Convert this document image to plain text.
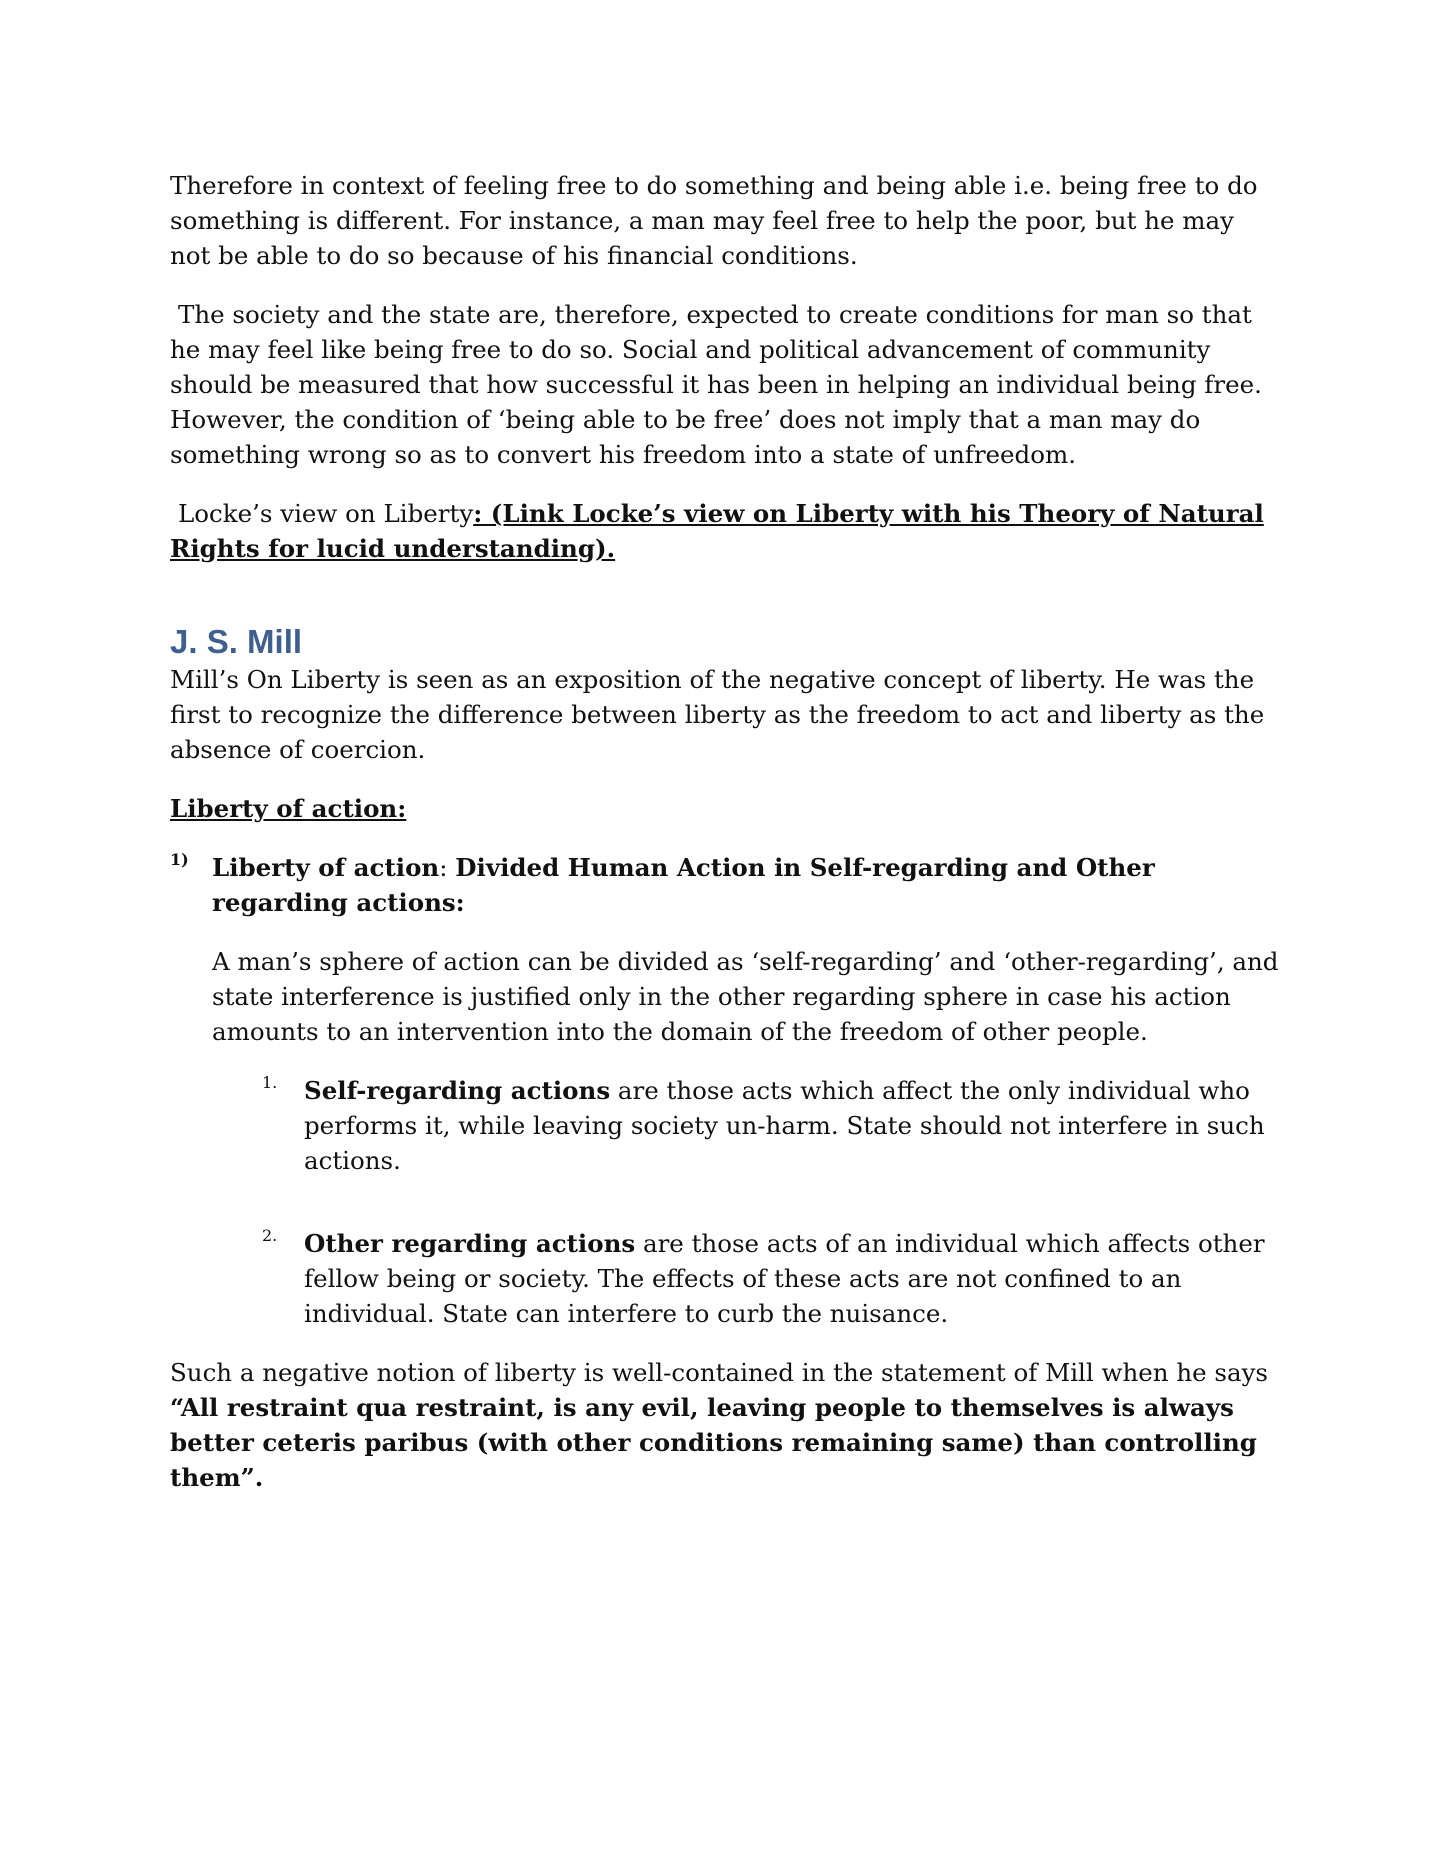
Therefore in context of feeling free to do something and being able i.e. being free to do something is different. For instance, a man may feel free to help the poor, but he may not be able to do so because of his financial conditions.

The society and the state are, therefore, expected to create conditions for man so that he may feel like being free to do so. Social and political advancement of community should be measured that how successful it has been in helping an individual being free. However, the condition of ‘being able to be free’ does not imply that a man may do something wrong so as to convert his freedom into a state of unfreedom.

Locke’s view on Liberty: (Link Locke’s view on Liberty with his Theory of Natural Rights for lucid understanding).

J. S. Mill

Mill’s On Liberty is seen as an exposition of the negative concept of liberty. He was the first to recognize the difference between liberty as the freedom to act and liberty as the absence of coercion.

Liberty of action:

1) Liberty of action: Divided Human Action in Self-regarding and Other regarding actions:

A man’s sphere of action can be divided as ‘self-regarding’ and ‘other-regarding’, and state interference is justified only in the other regarding sphere in case his action amounts to an intervention into the domain of the freedom of other people.

1.	Self-regarding actions are those acts which affect the only individual who performs it, while leaving society un-harm. State should not interfere in such actions.

2.	Other regarding actions are those acts of an individual which affects other fellow being or society. The effects of these acts are not confined to an individual. State can interfere to curb the nuisance.

Such a negative notion of liberty is well-contained in the statement of Mill when he says “All restraint qua restraint, is any evil, leaving people to themselves is always better ceteris paribus (with other conditions remaining same) than controlling them”.
